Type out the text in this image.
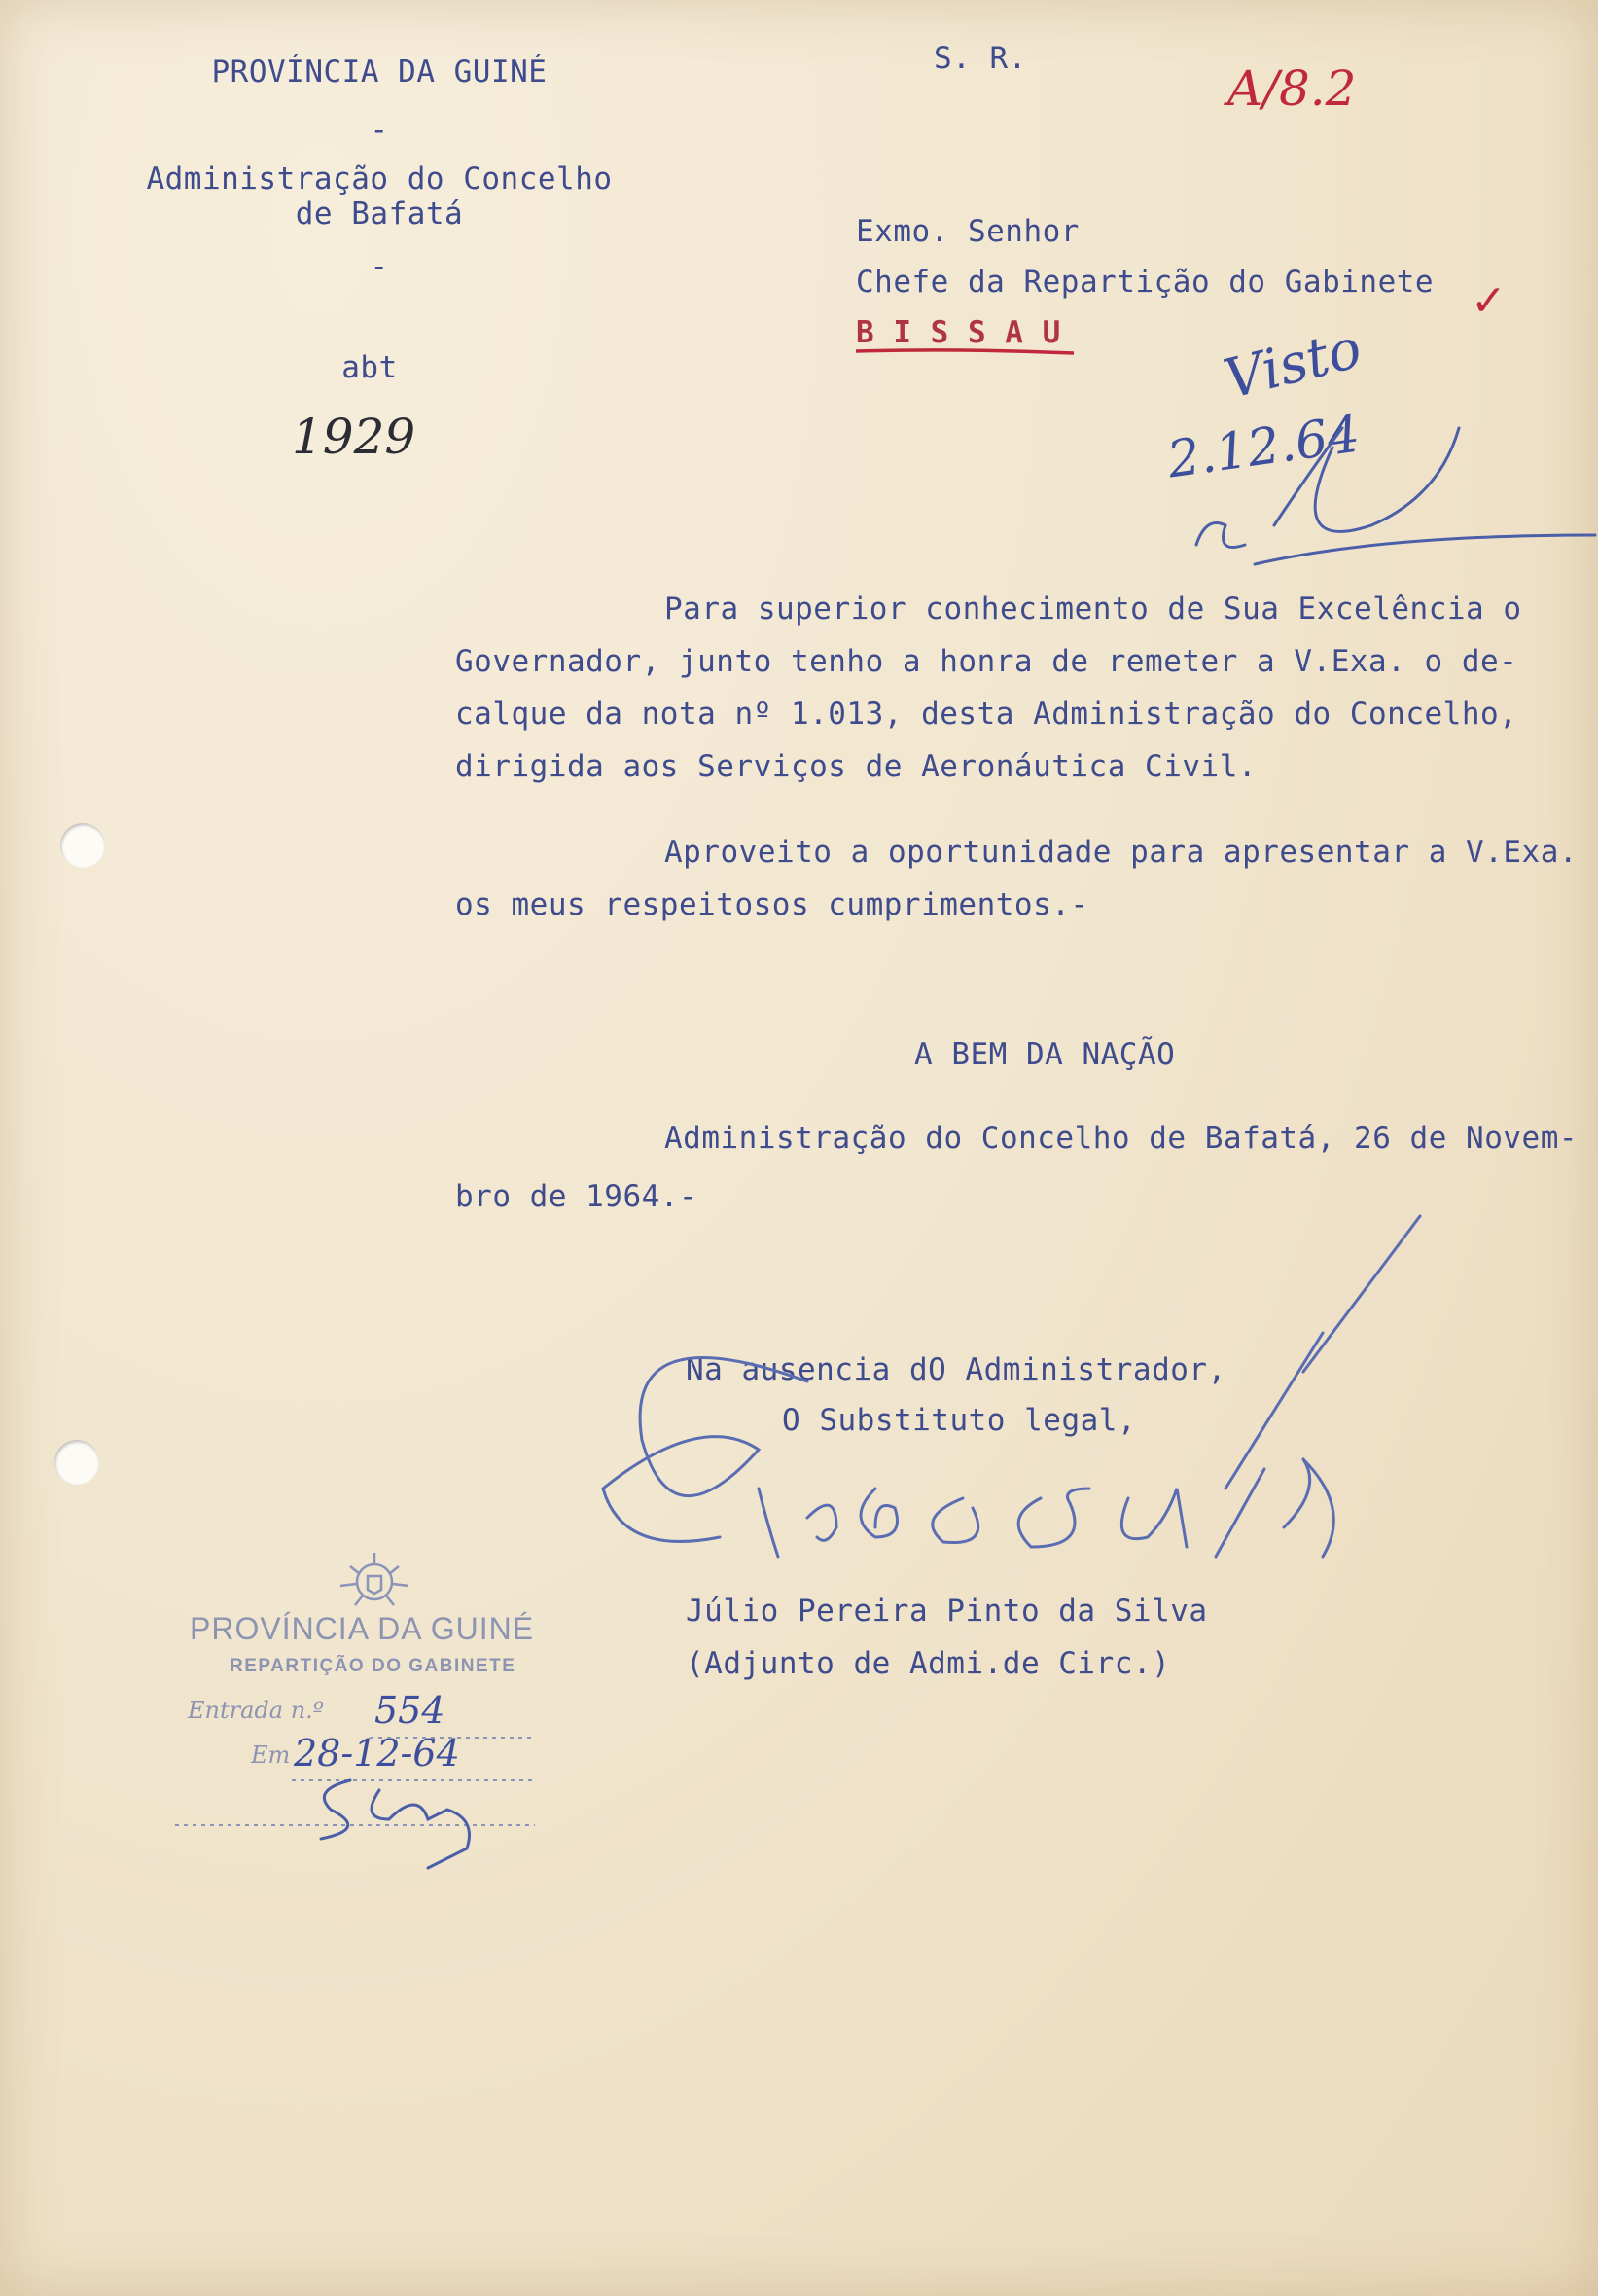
PROVÍNCIA DA GUINÉ
-
Administração do Concelho
de Bafatá
-
abt
1929
S. R.
A/8.2
Exmo. Senhor
Chefe da Repartição do Gabinete
B I S S A U
✓
Visto
2.12.64
Para superior conhecimento de Sua Excelência o
Governador, junto tenho a honra de remeter a V.Exa. o de-
calque da nota nº 1.013, desta Administração do Concelho,
dirigida aos Serviços de Aeronáutica Civil.
Aproveito a oportunidade para apresentar a V.Exa.
os meus respeitosos cumprimentos.-
A BEM DA NAÇÃO
Administração do Concelho de Bafatá, 26 de Novem-
bro de 1964.-
Na ausencia dO Administrador,
O Substituto legal,
Júlio Pereira Pinto da Silva
(Adjunto de Admi.de Circ.)
PROVÍNCIA DA GUINÉ
REPARTIÇÃO DO GABINETE
Entrada n.º 554
Em 28-12-64
